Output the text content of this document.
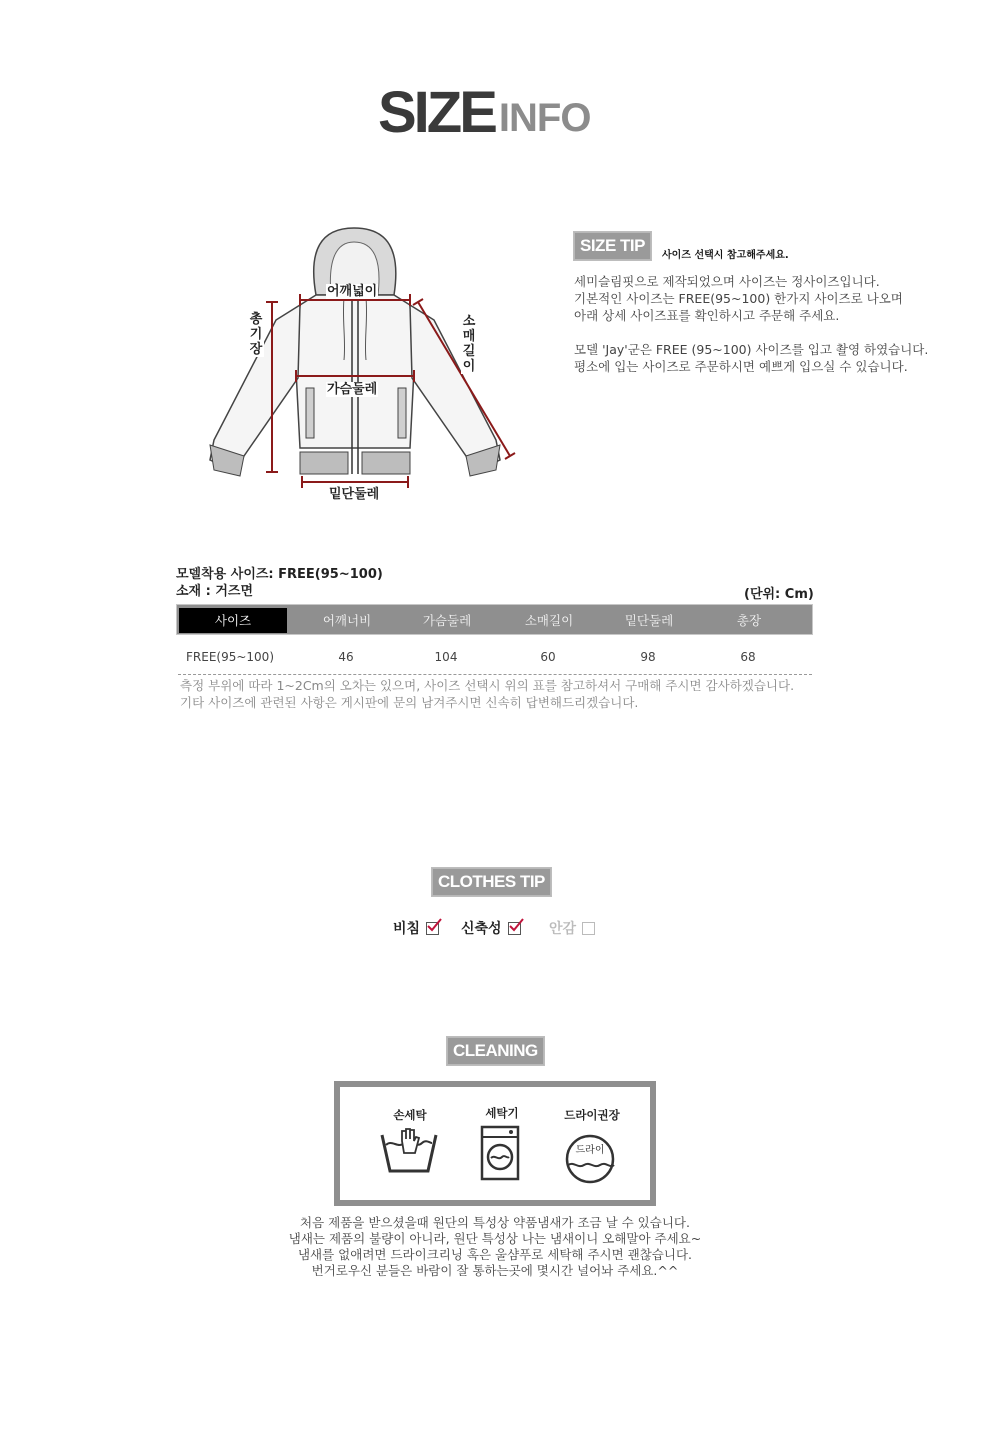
SIZE INFO
어깨넓이
가슴둘레
밑단둘레
총
기
장
소
매
길
이
SIZE TIP
사이즈 선택시 참고해주세요.
세미슬림핏으로 제작되었으며 사이즈는 정사이즈입니다.
기본적인 사이즈는 FREE(95~100) 한가지 사이즈로 나오며
아래 상세 사이즈표를 확인하시고 주문해 주세요.

모델 'Jay'군은 FREE (95~100) 사이즈를 입고 촬영 하였습니다.
평소에 입는 사이즈로 주문하시면 예쁘게 입으실 수 있습니다.
모델착용 사이즈: FREE(95~100)
소재 : 거즈면	(단위: Cm)
사이즈	어깨너비	가슴둘레	소매길이	밑단둘레	총장
FREE(95~100)	46	104	60	98	68
측정 부위에 따라 1~2Cm의 오차는 있으며, 사이즈 선택시 위의 표를 참고하셔서 구매해 주시면 감사하겠습니다.
기타 사이즈에 관련된 사항은 게시판에 문의 남겨주시면 신속히 답변해드리겠습니다.
CLOTHES TIP
비침	신축성	안감
CLEANING
손세탁	세탁기	드라이권장
드라이
처음 제품을 받으셨을때 원단의 특성상 약품냄새가 조금 날 수 있습니다.
냄새는 제품의 불량이 아니라, 원단 특성상 나는 냄새이니 오해말아 주세요~
냄새를 없애려면 드라이크리닝 혹은 울샴푸로 세탁해 주시면 괜찮습니다.
번거로우신 분들은 바람이 잘 통하는곳에 몇시간 널어놔 주세요.^^
